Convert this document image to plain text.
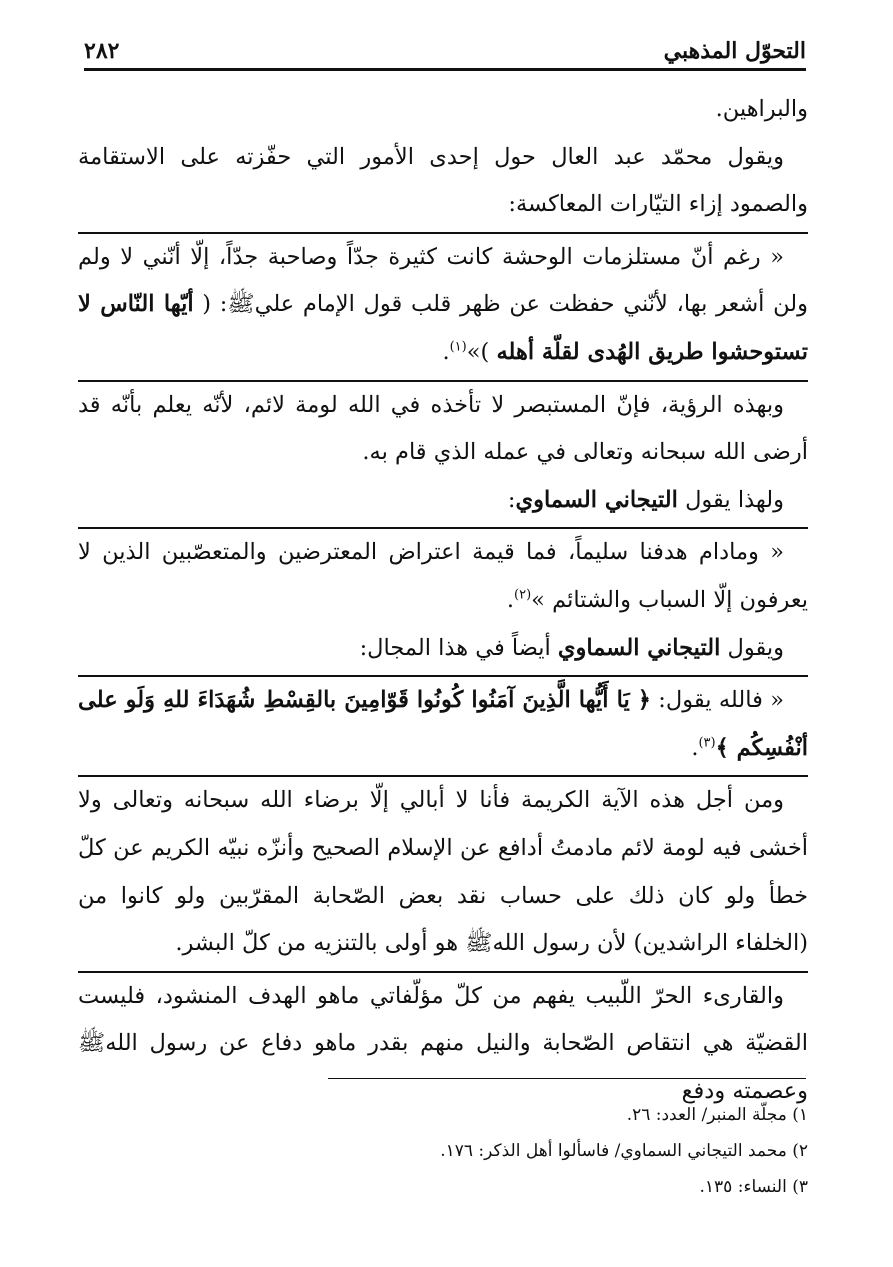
التحوّل المذهبي
٢٨٢

والبراهين.

ويقول محمّد عبد العال حول إحدى الأمور التي حفّزته على الاستقامة والصمود إزاء التيّارات المعاكسة:

« رغم أنّ مستلزمات الوحشة كانت كثيرة جدّاً وصاحبة جدّاً، إلّا أنّني لا ولم ولن أشعر بها، لأنّني حفظت عن ظهر قلب قول الإمام عليﷺ: ( أيّها النّاس لا تستوحشوا طريق الهُدى لقلّة أهله )»$^{(١)}$.

وبهذه الرؤية، فإنّ المستبصر لا تأخذه في الله لومة لائم، لأنّه يعلم بأنّه قد أرضى الله سبحانه وتعالى في عمله الذي قام به.

ولهذا يقول التيجاني السماوي:

« ومادام هدفنا سليماً، فما قيمة اعتراض المعترضين والمتعصّبين الذين لا يعرفون إلّا السباب والشتائم »$^{(٢)}$.

ويقول التيجاني السماوي أيضاً في هذا المجال:

« فالله يقول: ﴿ يَا أَيُّها الَّذِينَ آمَنُوا كُونُوا قَوّامِينَ بالقِسْطِ شُهَدَاءَ للهِ وَلَو على أنْفُسِكُم ﴾$^{(٣)}$.

ومن أجل هذه الآية الكريمة فأنا لا أبالي إلّا برضاء الله سبحانه وتعالى ولا أخشى فيه لومة لائم مادمتُ أدافع عن الإسلام الصحيح وأنزّه نبيّه الكريم عن كلّ خطأ ولو كان ذلك على حساب نقد بعض الصّحابة المقرّبين ولو كانوا من (الخلفاء الراشدين) لأن رسول اللهﷺ هو أولى بالتنزيه من كلّ البشر.

والقارىء الحرّ اللّبيب يفهم من كلّ مؤلّفاتي ماهو الهدف المنشود، فليست القضيّة هي انتقاص الصّحابة والنيل منهم بقدر ماهو دفاع عن رسول اللهﷺ وعصمته ودفع

١) مجلّة المنبر/ العدد: ٢٦.

٢) محمد التيجاني السماوي/ فاسألوا أهل الذكر: ١٧٦.

٣) النساء: ١٣٥.
